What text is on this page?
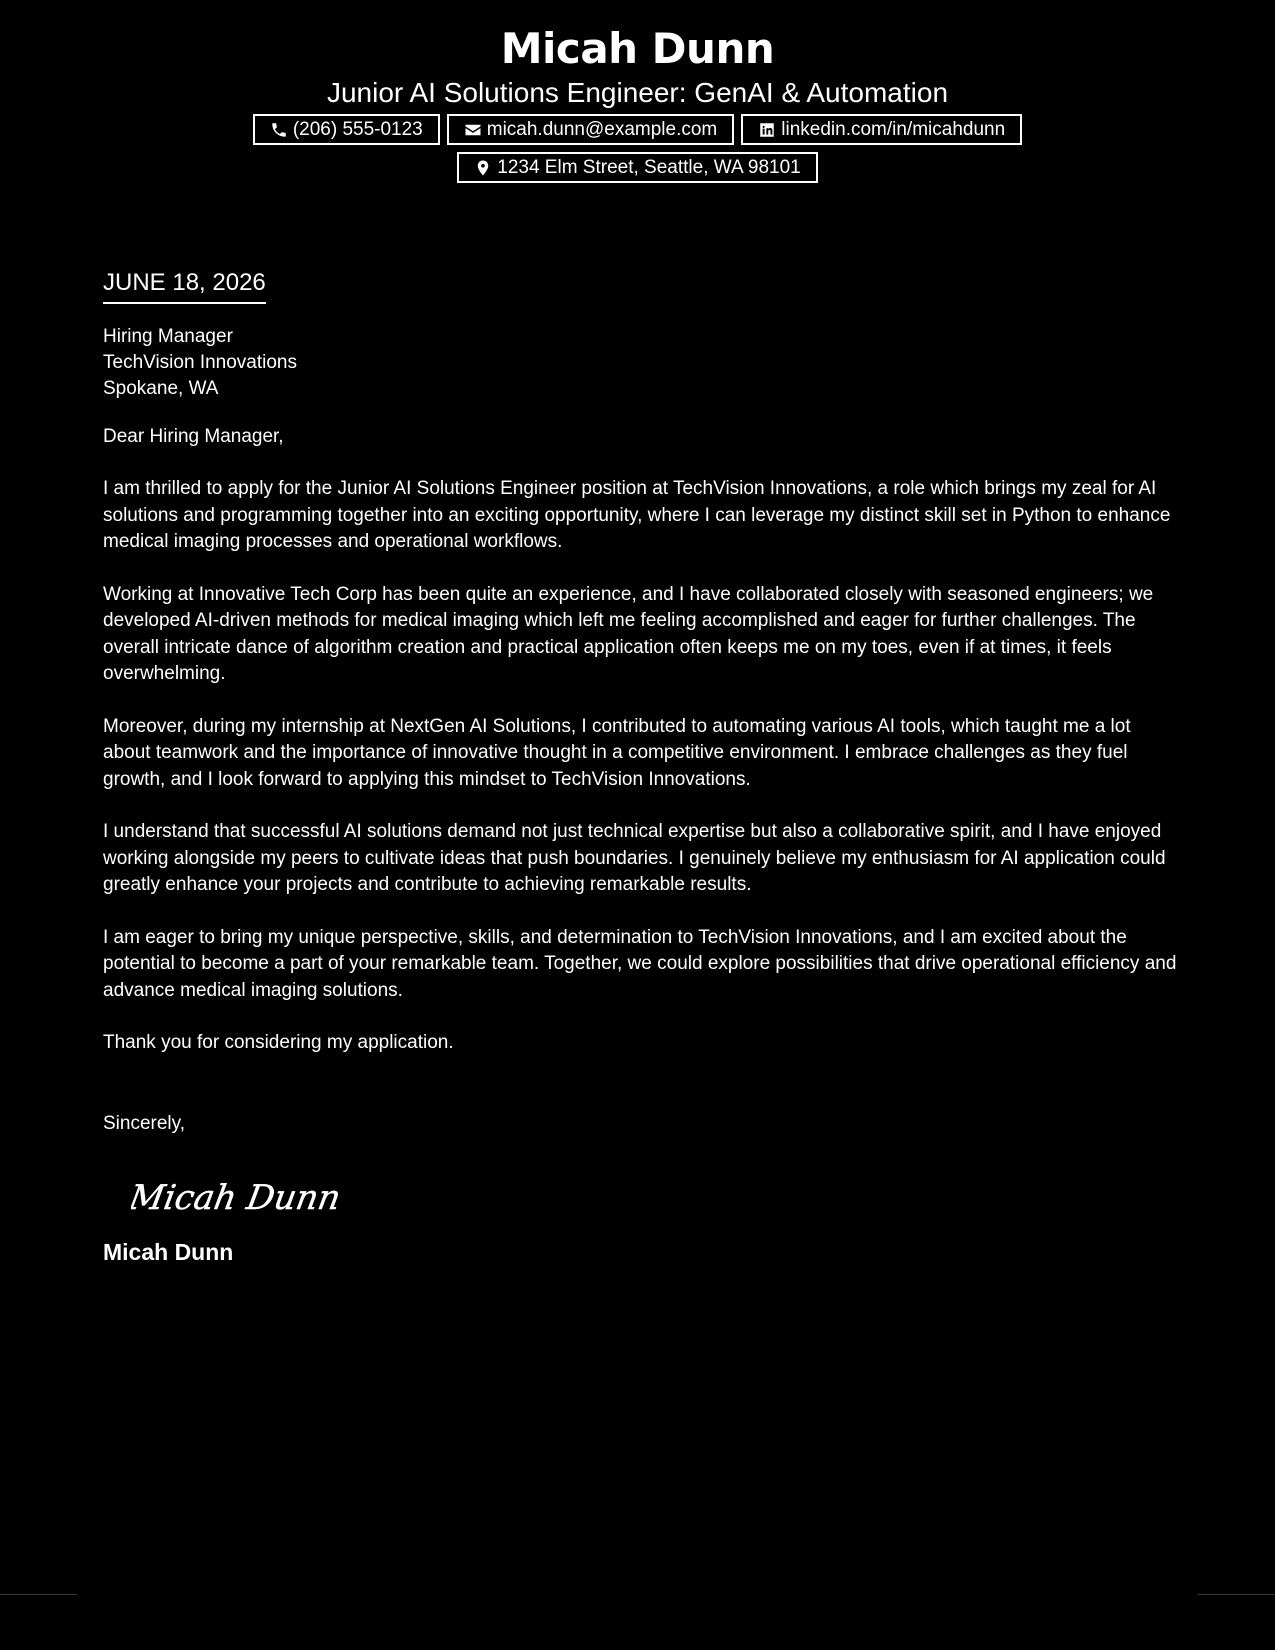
Micah Dunn
Junior AI Solutions Engineer: GenAI & Automation
(206) 555-0123	micah.dunn@example.com	linkedin.com/in/micahdunn
1234 Elm Street, Seattle, WA 98101
JUNE 18, 2026
Hiring Manager
TechVision Innovations
Spokane, WA
Dear Hiring Manager,

I am thrilled to apply for the Junior AI Solutions Engineer position at TechVision Innovations, a role which brings my zeal for AI solutions and programming together into an exciting opportunity, where I can leverage my distinct skill set in Python to enhance medical imaging processes and operational workflows.

Working at Innovative Tech Corp has been quite an experience, and I have collaborated closely with seasoned engineers; we developed AI-driven methods for medical imaging which left me feeling accomplished and eager for further challenges. The overall intricate dance of algorithm creation and practical application often keeps me on my toes, even if at times, it feels overwhelming.

Moreover, during my internship at NextGen AI Solutions, I contributed to automating various AI tools, which taught me a lot about teamwork and the importance of innovative thought in a competitive environment. I embrace challenges as they fuel growth, and I look forward to applying this mindset to TechVision Innovations.

I understand that successful AI solutions demand not just technical expertise but also a collaborative spirit, and I have enjoyed working alongside my peers to cultivate ideas that push boundaries. I genuinely believe my enthusiasm for AI application could greatly enhance your projects and contribute to achieving remarkable results.

I am eager to bring my unique perspective, skills, and determination to TechVision Innovations, and I am excited about the potential to become a part of your remarkable team. Together, we could explore possibilities that drive operational efficiency and advance medical imaging solutions.

Thank you for considering my application.

Sincerely,
Micah Dunn
Micah Dunn
